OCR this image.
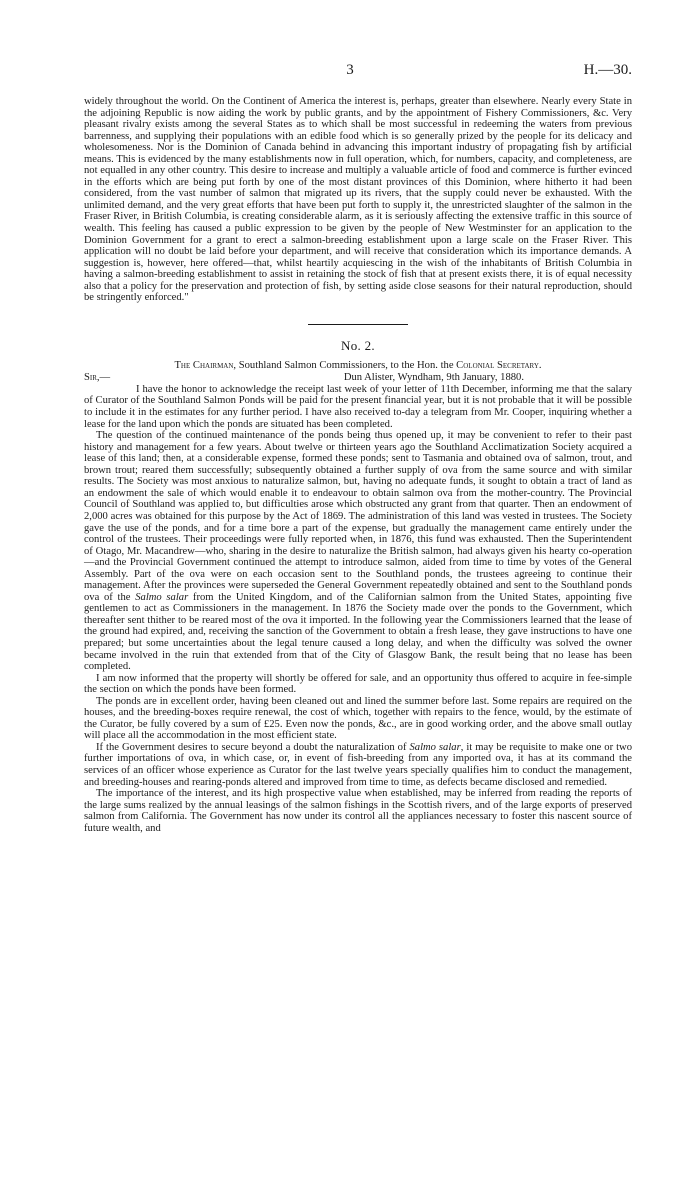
3	H.—30.

widely throughout the world. On the Continent of America the interest is, perhaps, greater than elsewhere. Nearly every State in the adjoining Republic is now aiding the work by public grants, and by the appointment of Fishery Commissioners, &c. Very pleasant rivalry exists among the several States as to which shall be most successful in redeeming the waters from previous barrenness, and supplying their populations with an edible food which is so generally prized by the people for its delicacy and wholesomeness. Nor is the Dominion of Canada behind in advancing this important industry of propagating fish by artificial means. This is evidenced by the many establishments now in full operation, which, for numbers, capacity, and completeness, are not equalled in any other country. This desire to increase and multiply a valuable article of food and commerce is further evinced in the efforts which are being put forth by one of the most distant provinces of this Dominion, where hitherto it had been considered, from the vast number of salmon that migrated up its rivers, that the supply could never be exhausted. With the unlimited demand, and the very great efforts that have been put forth to supply it, the unrestricted slaughter of the salmon in the Fraser River, in British Columbia, is creating considerable alarm, as it is seriously affecting the extensive traffic in this source of wealth. This feeling has caused a public expression to be given by the people of New Westminster for an application to the Dominion Government for a grant to erect a salmon-breeding establishment upon a large scale on the Fraser River. This application will no doubt be laid before your department, and will receive that consideration which its importance demands. A suggestion is, however, here offered—that, whilst heartily acquiescing in the wish of the inhabitants of British Columbia in having a salmon-breeding establishment to assist in retaining the stock of fish that at present exists there, it is of equal necessity also that a policy for the preservation and protection of fish, by setting aside close seasons for their natural reproduction, should be stringently enforced."

No. 2.
The Chairman, Southland Salmon Commissioners, to the Hon. the Colonial Secretary.
Sir,—	Dun Alister, Wyndham, 9th January, 1880.

I have the honor to acknowledge the receipt last week of your letter of 11th December, informing me that the salary of Curator of the Southland Salmon Ponds will be paid for the present financial year, but it is not probable that it will be possible to include it in the estimates for any further period. I have also received to-day a telegram from Mr. Cooper, inquiring whether a lease for the land upon which the ponds are situated has been completed.

The question of the continued maintenance of the ponds being thus opened up, it may be convenient to refer to their past history and management for a few years. About twelve or thirteen years ago the Southland Acclimatization Society acquired a lease of this land; then, at a considerable expense, formed these ponds; sent to Tasmania and obtained ova of salmon, trout, and brown trout; reared them successfully; subsequently obtained a further supply of ova from the same source and with similar results. The Society was most anxious to naturalize salmon, but, having no adequate funds, it sought to obtain a tract of land as an endowment the sale of which would enable it to endeavour to obtain salmon ova from the mother-country. The Provincial Council of Southland was applied to, but difficulties arose which obstructed any grant from that quarter. Then an endowment of 2,000 acres was obtained for this purpose by the Act of 1869. The administration of this land was vested in trustees. The Society gave the use of the ponds, and for a time bore a part of the expense, but gradually the management came entirely under the control of the trustees. Their proceedings were fully reported when, in 1876, this fund was exhausted. Then the Superintendent of Otago, Mr. Macandrew—who, sharing in the desire to naturalize the British salmon, had always given his hearty co-operation—and the Provincial Government continued the attempt to introduce salmon, aided from time to time by votes of the General Assembly. Part of the ova were on each occasion sent to the Southland ponds, the trustees agreeing to continue their management. After the provinces were superseded the General Government repeatedly obtained and sent to the Southland ponds ova of the Salmo salar from the United Kingdom, and of the Californian salmon from the United States, appointing five gentlemen to act as Commissioners in the management. In 1876 the Society made over the ponds to the Government, which thereafter sent thither to be reared most of the ova it imported. In the following year the Commissioners learned that the lease of the ground had expired, and, receiving the sanction of the Government to obtain a fresh lease, they gave instructions to have one prepared; but some uncertainties about the legal tenure caused a long delay, and when the difficulty was solved the owner became involved in the ruin that extended from that of the City of Glasgow Bank, the result being that no lease has been completed.

I am now informed that the property will shortly be offered for sale, and an opportunity thus offered to acquire in fee-simple the section on which the ponds have been formed.

The ponds are in excellent order, having been cleaned out and lined the summer before last. Some repairs are required on the houses, and the breeding-boxes require renewal, the cost of which, together with repairs to the fence, would, by the estimate of the Curator, be fully covered by a sum of £25. Even now the ponds, &c., are in good working order, and the above small outlay will place all the accommodation in the most efficient state.

If the Government desires to secure beyond a doubt the naturalization of Salmo salar, it may be requisite to make one or two further importations of ova, in which case, or, in event of fish-breeding from any imported ova, it has at its command the services of an officer whose experience as Curator for the last twelve years specially qualifies him to conduct the management, and breeding-houses and rearing-ponds altered and improved from time to time, as defects became disclosed and remedied.

The importance of the interest, and its high prospective value when established, may be inferred from reading the reports of the large sums realized by the annual leasings of the salmon fishings in the Scottish rivers, and of the large exports of preserved salmon from California. The Government has now under its control all the appliances necessary to foster this nascent source of future wealth, and
